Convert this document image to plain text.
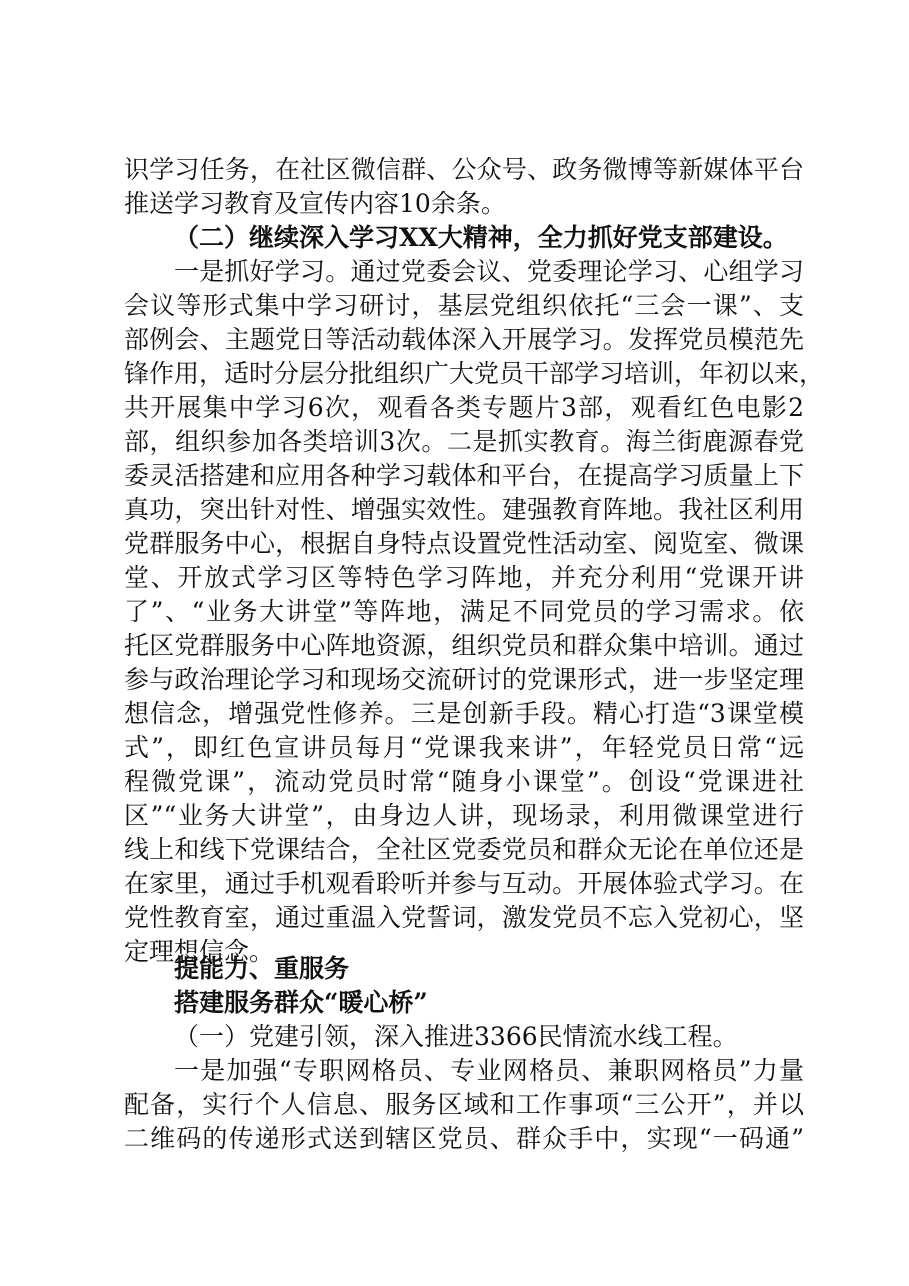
识学习任务，在社区微信群、公众号、政务微博等新媒体平台
推送学习教育及宣传内容10余条。
（二）继续深入学习XX大精神，全力抓好党支部建设。
一是抓好学习。通过党委会议、党委理论学习、心组学习
会议等形式集中学习研讨，基层党组织依托“三会一课”、支
部例会、主题党日等活动载体深入开展学习。发挥党员模范先
锋作用，适时分层分批组织广大党员干部学习培训，年初以来，
共开展集中学习6次，观看各类专题片3部，观看红色电影2
部，组织参加各类培训3次。二是抓实教育。海兰街鹿源春党
委灵活搭建和应用各种学习载体和平台，在提高学习质量上下
真功，突出针对性、增强实效性。建强教育阵地。我社区利用
党群服务中心，根据自身特点设置党性活动室、阅览室、微课
堂、开放式学习区等特色学习阵地，并充分利用“党课开讲
了”、“业务大讲堂”等阵地，满足不同党员的学习需求。依
托区党群服务中心阵地资源，组织党员和群众集中培训。通过
参与政治理论学习和现场交流研讨的党课形式，进一步坚定理
想信念，增强党性修养。三是创新手段。精心打造“3课堂模
式”，即红色宣讲员每月“党课我来讲”，年轻党员日常“远
程微党课”，流动党员时常“随身小课堂”。创设“党课进社
区”“业务大讲堂”，由身边人讲，现场录，利用微课堂进行
线上和线下党课结合，全社区党委党员和群众无论在单位还是
在家里，通过手机观看聆听并参与互动。开展体验式学习。在
党性教育室，通过重温入党誓词，激发党员不忘入党初心，坚
定理想信念。
提能力、重服务
搭建服务群众“暖心桥”
（一）党建引领，深入推进3366民情流水线工程。
一是加强“专职网格员、专业网格员、兼职网格员”力量
配备，实行个人信息、服务区域和工作事项“三公开”，并以
二维码的传递形式送到辖区党员、群众手中，实现“一码通”
